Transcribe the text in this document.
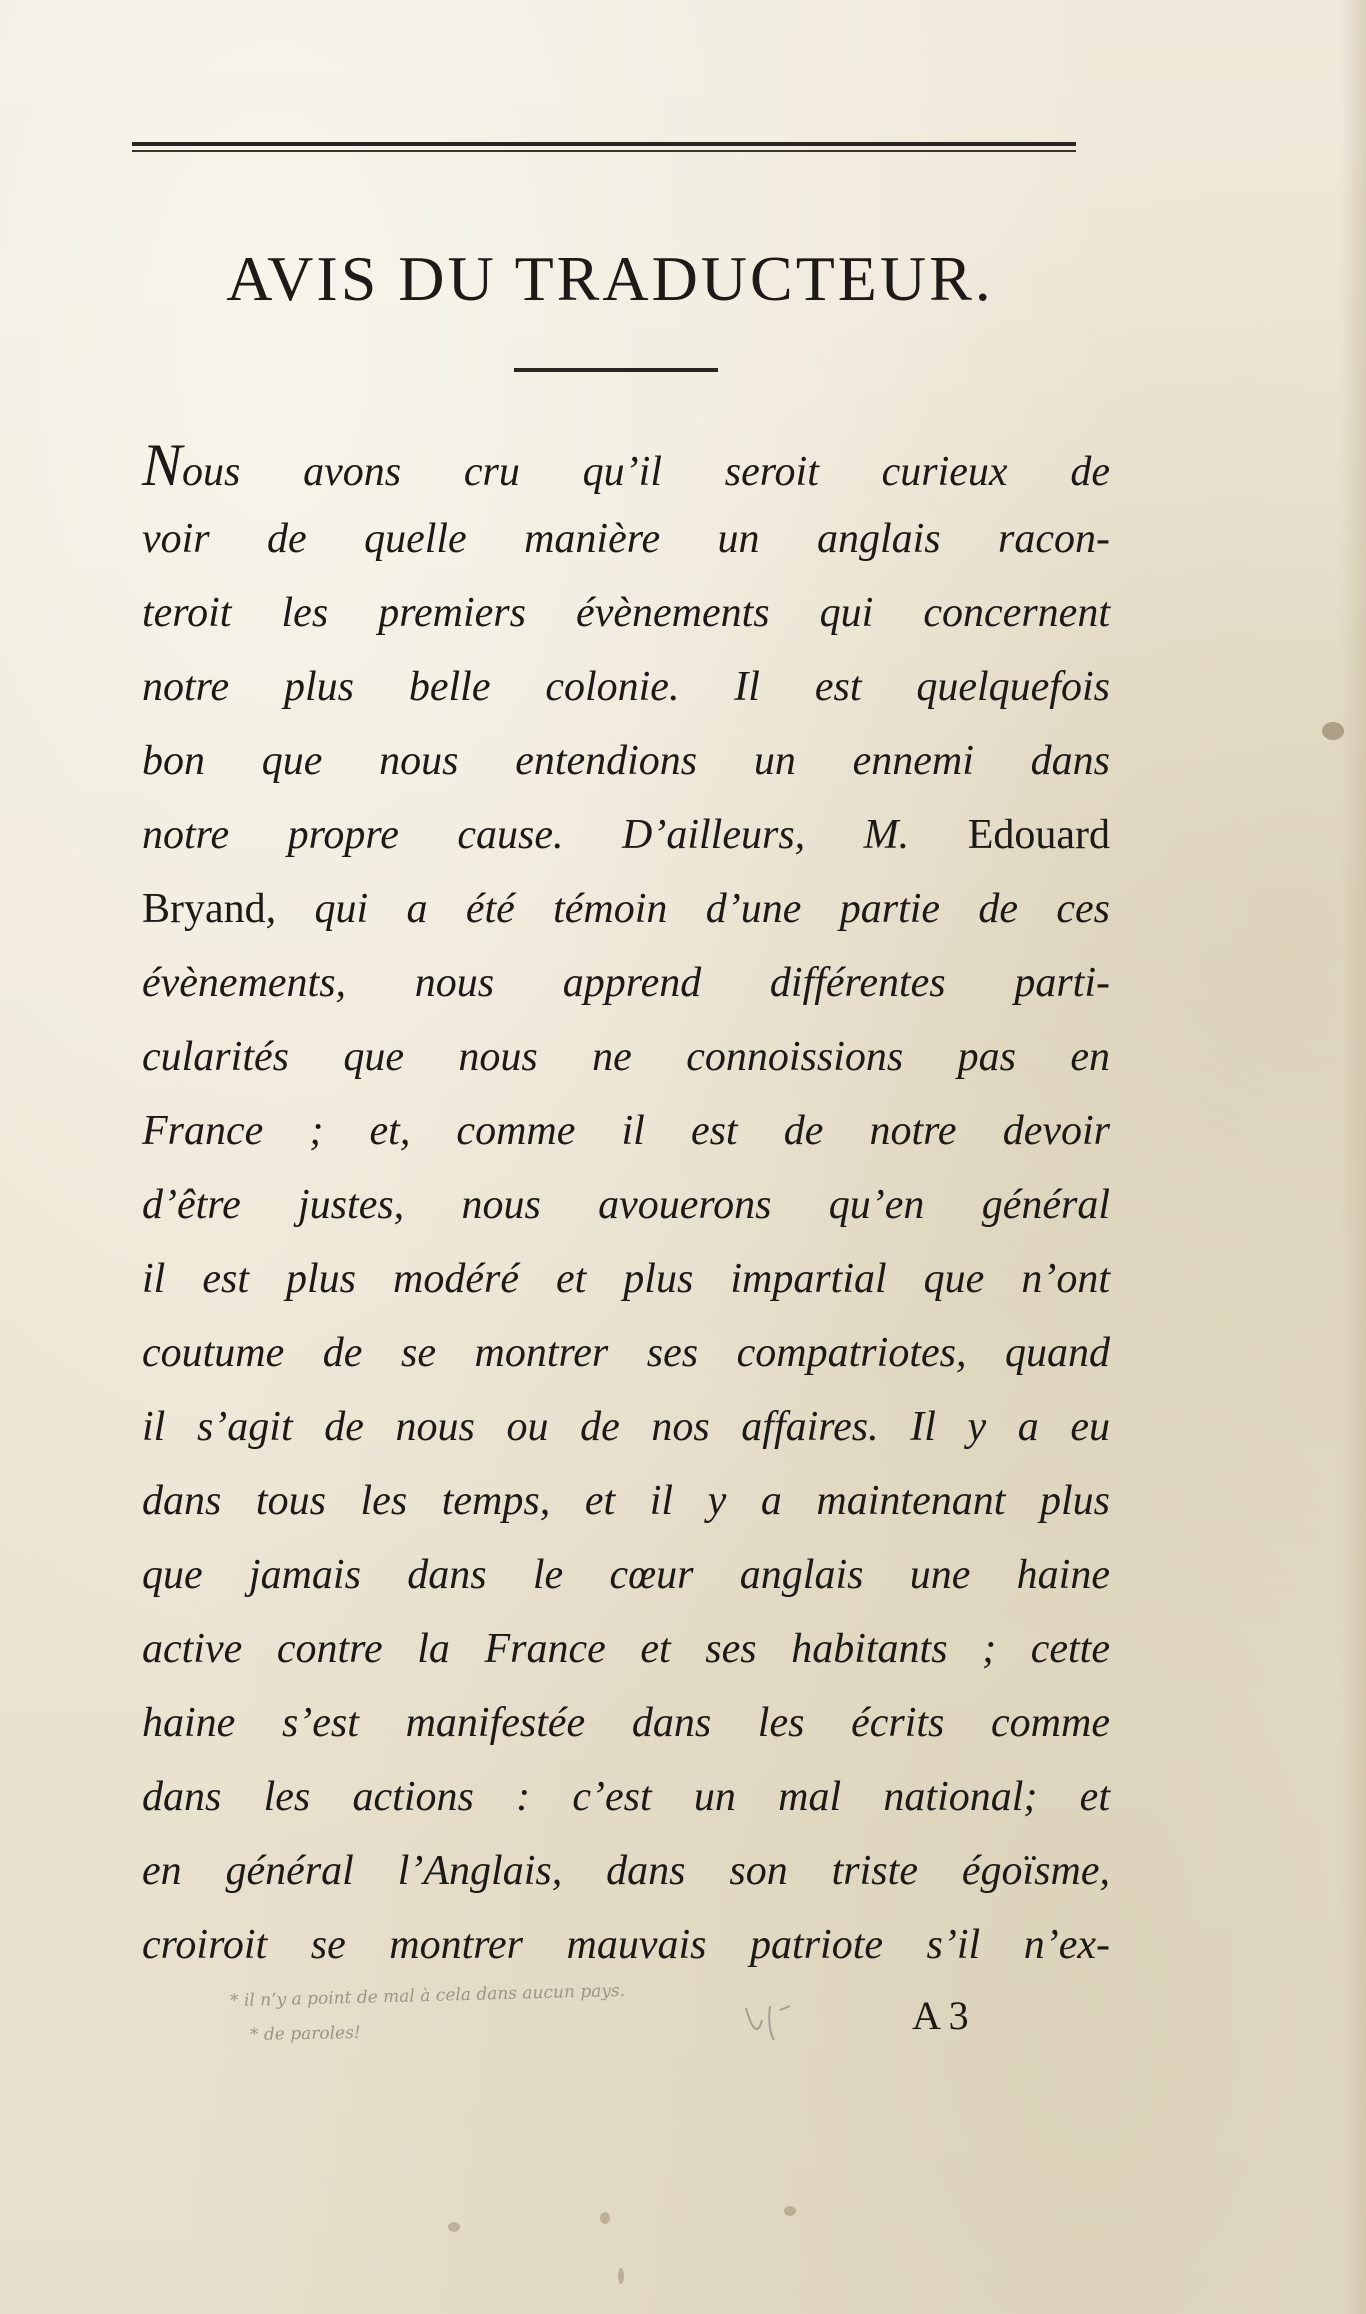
AVIS DU TRADUCTEUR.
Nous avons cru qu’il seroit curieux de
voir de quelle manière un anglais racon-
teroit les premiers évènements qui concernent
notre plus belle colonie. Il est quelquefois
bon que nous entendions un ennemi dans
notre propre cause. D’ailleurs, M. Edouard
Bryand, qui a été témoin d’une partie de ces
évènements, nous apprend différentes parti-
cularités que nous ne connoissions pas en
France ; et, comme il est de notre devoir
d’être justes, nous avouerons qu’en général
il est plus modéré et plus impartial que n’ont
coutume de se montrer ses compatriotes, quand
il s’agit de nous ou de nos affaires. Il y a eu
dans tous les temps, et il y a maintenant plus
que jamais dans le cœur anglais une haine
active contre la France et ses habitants ; cette
haine s’est manifestée dans les écrits comme
dans les actions : c’est un mal national; et
en général l’Anglais, dans son triste égoïsme,
croiroit se montrer mauvais patriote s’il n’ex-
* il n’y a point de mal à cela dans aucun pays.
* de paroles!	A 3
